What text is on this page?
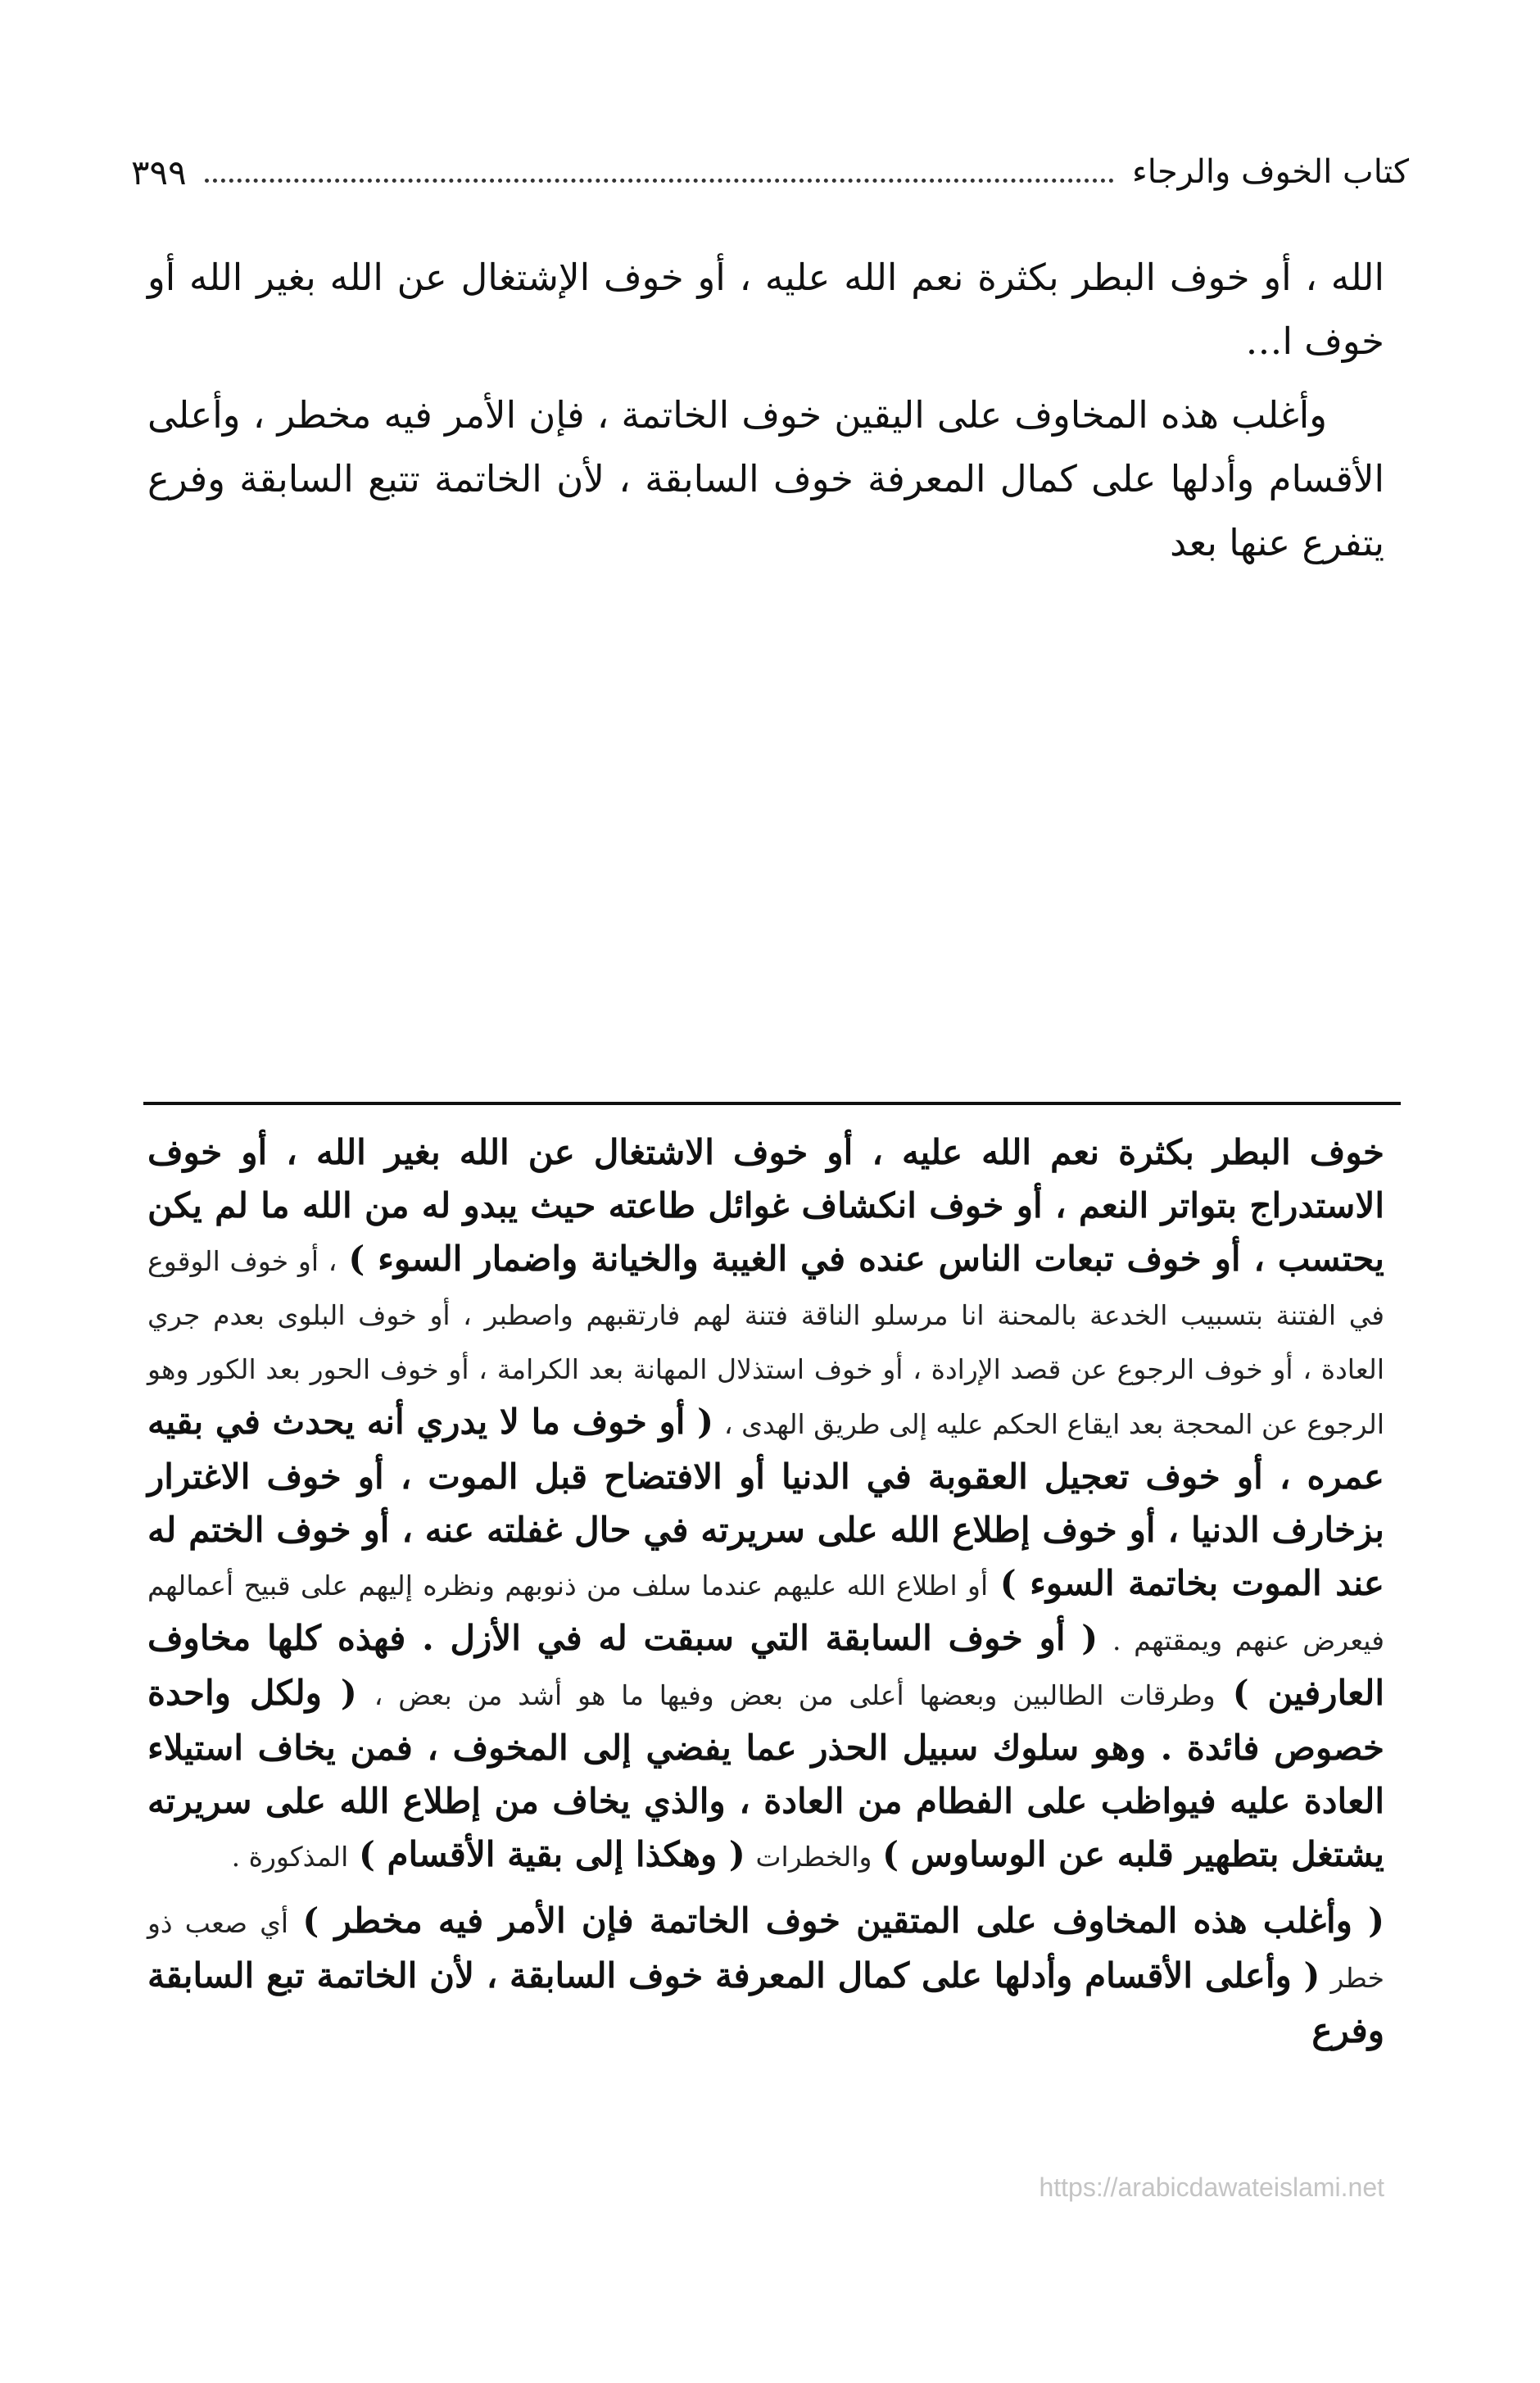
كتاب الخوف والرجاء
٣٩٩

الله ، أو خوف البطر بكثرة نعم الله عليه ، أو خوف الإشتغال عن الله بغير الله أو خوف ا…

وأغلب هذه المخاوف على اليقين خوف الخاتمة ، فإن الأمر فيه مخطر ، وأعلى الأقسام وأدلها على كمال المعرفة خوف السابقة ، لأن الخاتمة تتبع السابقة وفرع يتفرع عنها بعد

خوف البطر بكثرة نعم الله عليه ، أو خوف الاشتغال عن الله بغير الله ، أو خوف الاستدراج بتواتر النعم ، أو خوف انكشاف غوائل طاعته حيث يبدو له من الله ما لم يكن يحتسب ، أو خوف تبعات الناس عنده في الغيبة والخيانة واضمار السوء ) ، أو خوف الوقوع في الفتنة بتسبيب الخدعة بالمحنة انا مرسلو الناقة فتنة لهم فارتقبهم واصطبر ، أو خوف البلوى بعدم جري العادة ، أو خوف الرجوع عن قصد الإرادة ، أو خوف استذلال المهانة بعد الكرامة ، أو خوف الحور بعد الكور وهو الرجوع عن المحجة بعد ايقاع الحكم عليه إلى طريق الهدى ، ( أو خوف ما لا يدري أنه يحدث في بقيه عمره ، أو خوف تعجيل العقوبة في الدنيا أو الافتضاح قبل الموت ، أو خوف الاغترار بزخارف الدنيا ، أو خوف إطلاع الله على سريرته في حال غفلته عنه ، أو خوف الختم له عند الموت بخاتمة السوء ) أو اطلاع الله عليهم عندما سلف من ذنوبهم ونظره إليهم على قبيح أعمالهم فيعرض عنهم ويمقتهم . ( أو خوف السابقة التي سبقت له في الأزل . فهذه كلها مخاوف العارفين ) وطرقات الطالبين وبعضها أعلى من بعض وفيها ما هو أشد من بعض ، ( ولكل واحدة خصوص فائدة . وهو سلوك سبيل الحذر عما يفضي إلى المخوف ، فمن يخاف استيلاء العادة عليه فيواظب على الفطام من العادة ، والذي يخاف من إطلاع الله على سريرته يشتغل بتطهير قلبه عن الوساوس ) والخطرات ( وهكذا إلى بقية الأقسام ) المذكورة .

( وأغلب هذه المخاوف على المتقين خوف الخاتمة فإن الأمر فيه مخطر ) أي صعب ذو خطر ( وأعلى الأقسام وأدلها على كمال المعرفة خوف السابقة ، لأن الخاتمة تبع السابقة وفرع

https://arabicdawateislami.net
